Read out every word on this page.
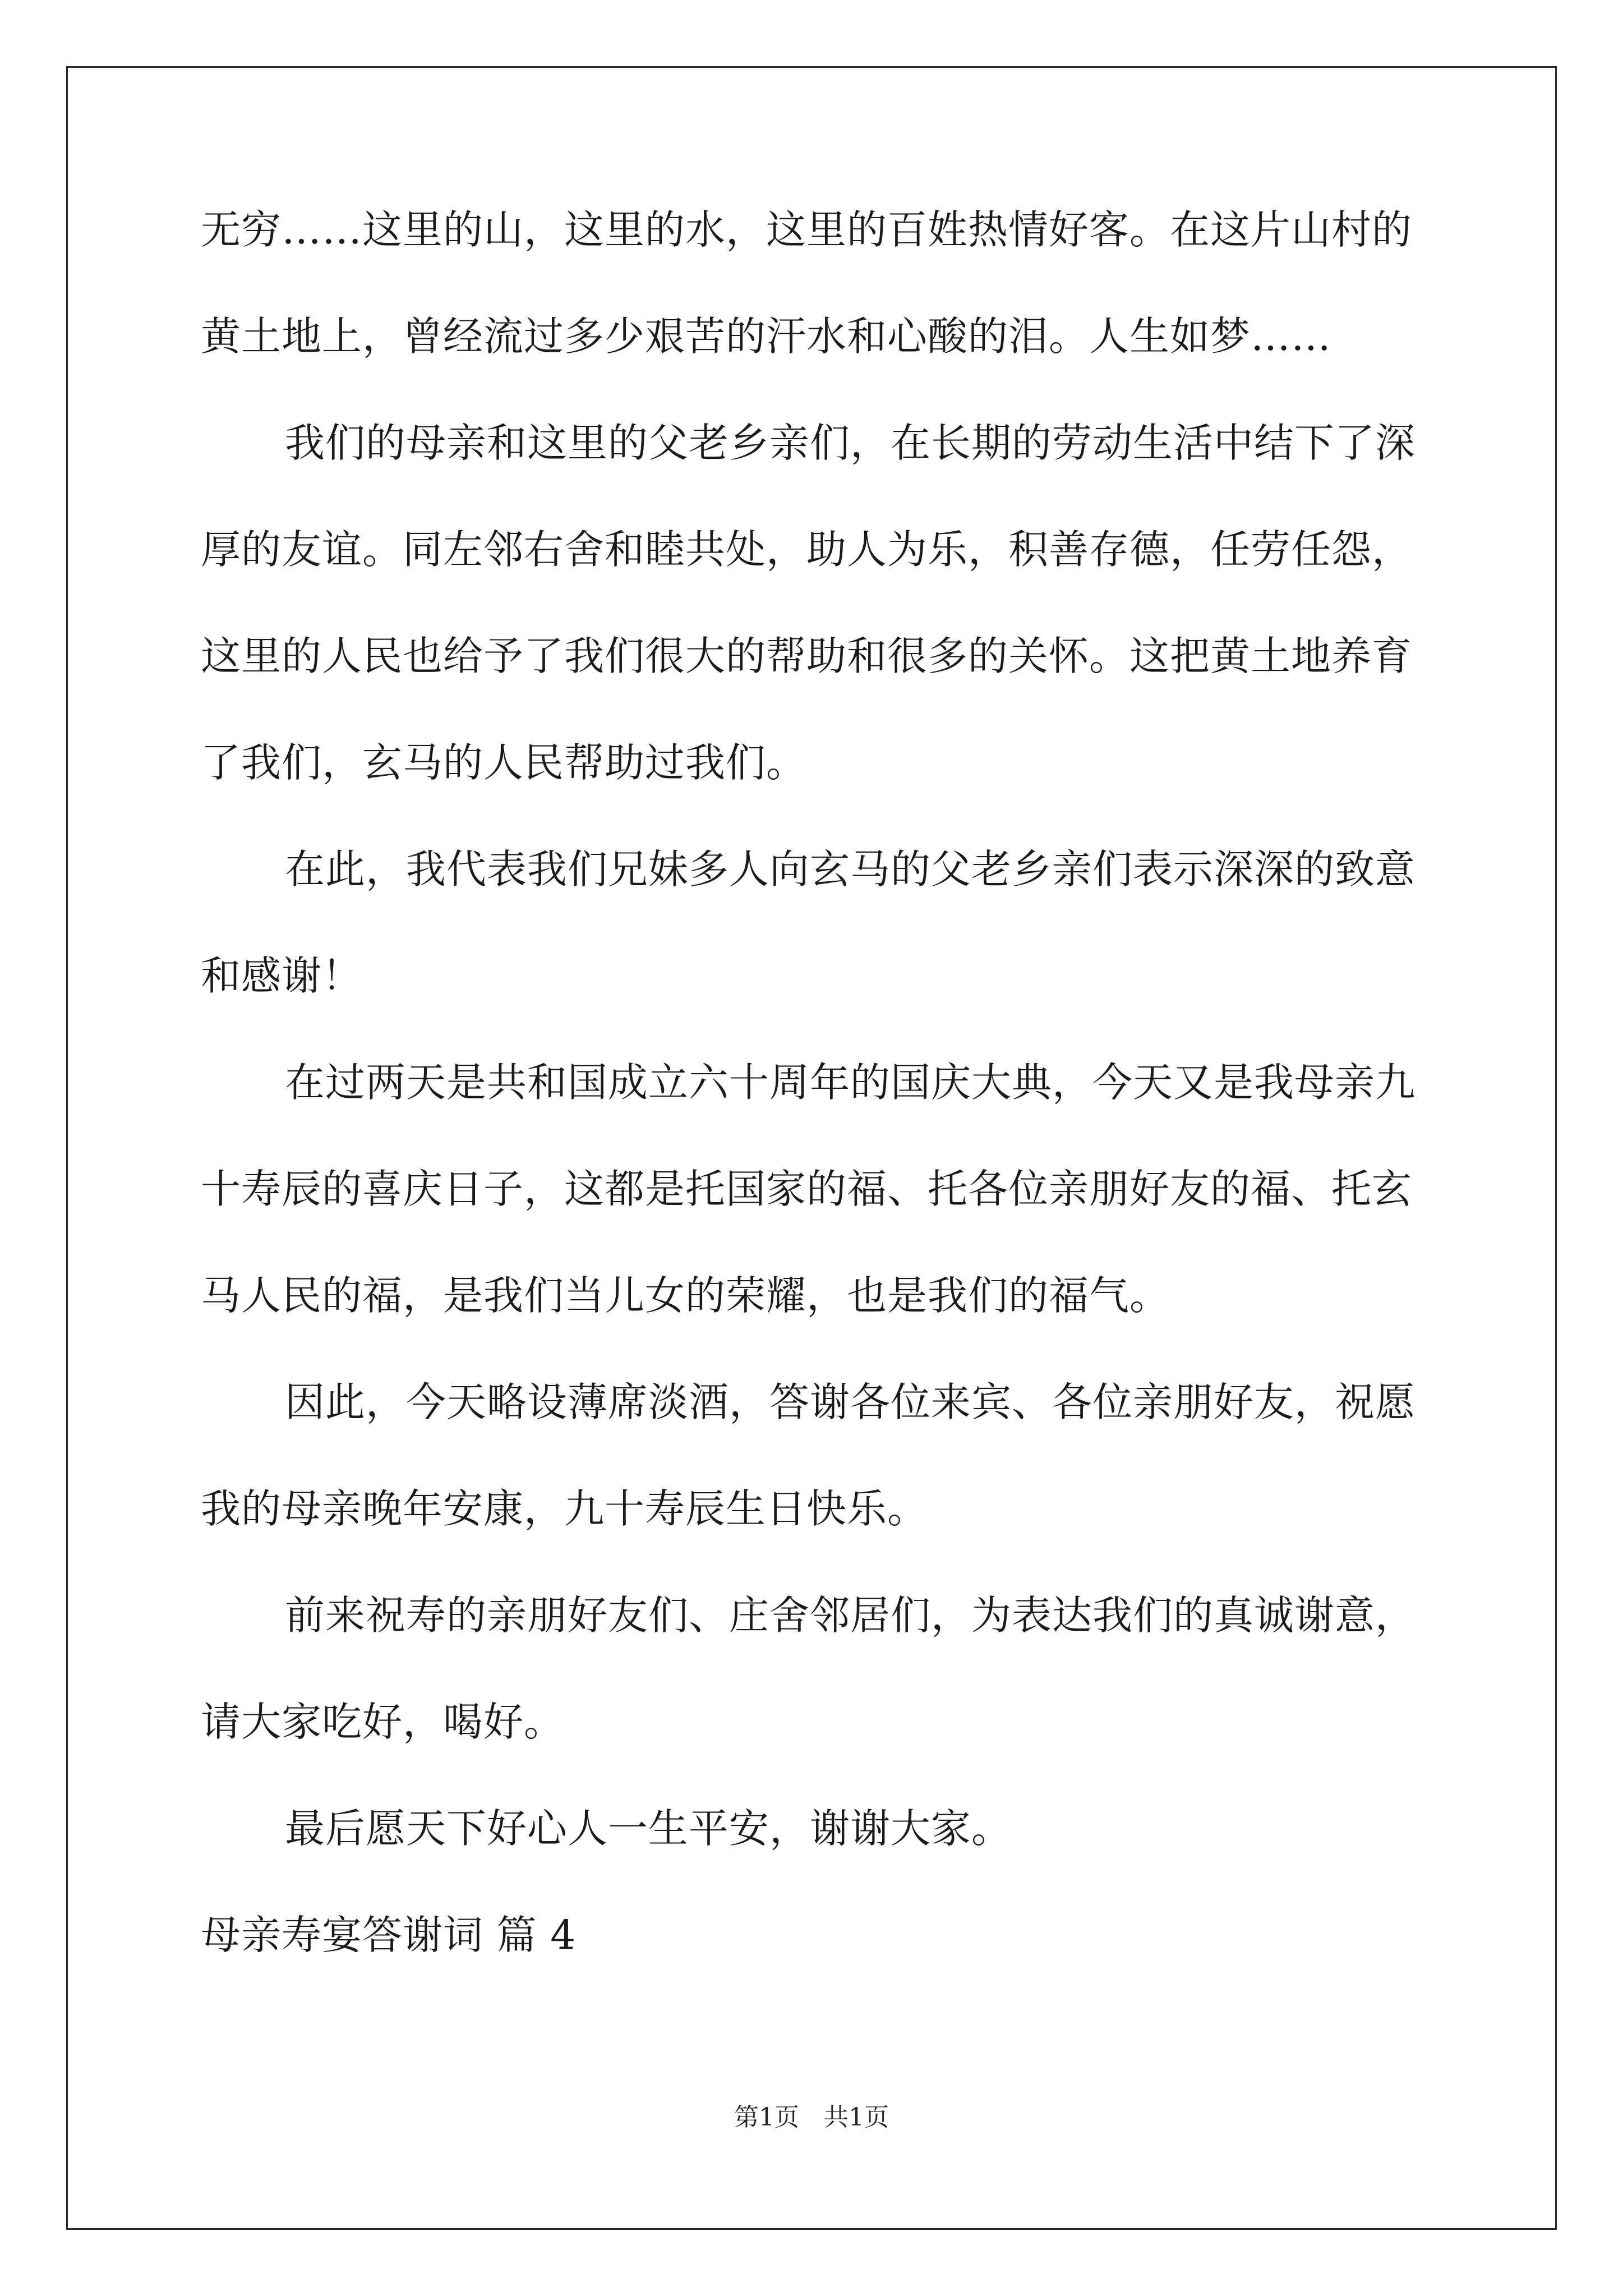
无穷……这里的山，这里的水，这里的百姓热情好客。在这片山村的
黄土地上，曾经流过多少艰苦的汗水和心酸的泪。人生如梦……
我们的母亲和这里的父老乡亲们，在长期的劳动生活中结下了深
厚的友谊。同左邻右舍和睦共处，助人为乐，积善存德，任劳任怨，
这里的人民也给予了我们很大的帮助和很多的关怀。这把黄土地养育
了我们，玄马的人民帮助过我们。
在此，我代表我们兄妹多人向玄马的父老乡亲们表示深深的致意
和感谢！
在过两天是共和国成立六十周年的国庆大典，今天又是我母亲九
十寿辰的喜庆日子，这都是托国家的福、托各位亲朋好友的福、托玄
马人民的福，是我们当儿女的荣耀，也是我们的福气。
因此，今天略设薄席淡酒，答谢各位来宾、各位亲朋好友，祝愿
我的母亲晚年安康，九十寿辰生日快乐。
前来祝寿的亲朋好友们、庄舍邻居们，为表达我们的真诚谢意，
请大家吃好，喝好。
最后愿天下好心人一生平安，谢谢大家。
母亲寿宴答谢词 篇 4
第1页 共1页
